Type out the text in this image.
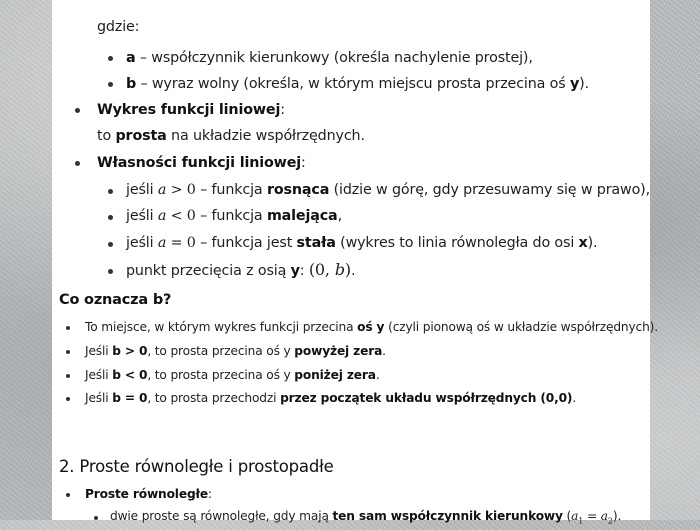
gdzie:
a – współczynnik kierunkowy (określa nachylenie prostej),
b – wyraz wolny (określa, w którym miejscu prosta przecina oś y).
Wykres funkcji liniowej:
to prosta na układzie współrzędnych.
Własności funkcji liniowej:
jeśli a > 0 – funkcja rosnąca (idzie w górę, gdy przesuwamy się w prawo),
jeśli a < 0 – funkcja malejąca,
jeśli a = 0 – funkcja jest stała (wykres to linia równoległa do osi x).
punkt przecięcia z osią y: (0, b).
Co oznacza b?
To miejsce, w którym wykres funkcji przecina oś y (czyli pionową oś w układzie współrzędnych).
Jeśli b > 0, to prosta przecina oś y powyżej zera.
Jeśli b < 0, to prosta przecina oś y poniżej zera.
Jeśli b = 0, to prosta przechodzi przez początek układu współrzędnych (0,0).
2. Proste równoległe i prostopadłe
Proste równoległe:
dwie proste są równoległe, gdy mają ten sam współczynnik kierunkowy $(a_1 = a_2)$.
